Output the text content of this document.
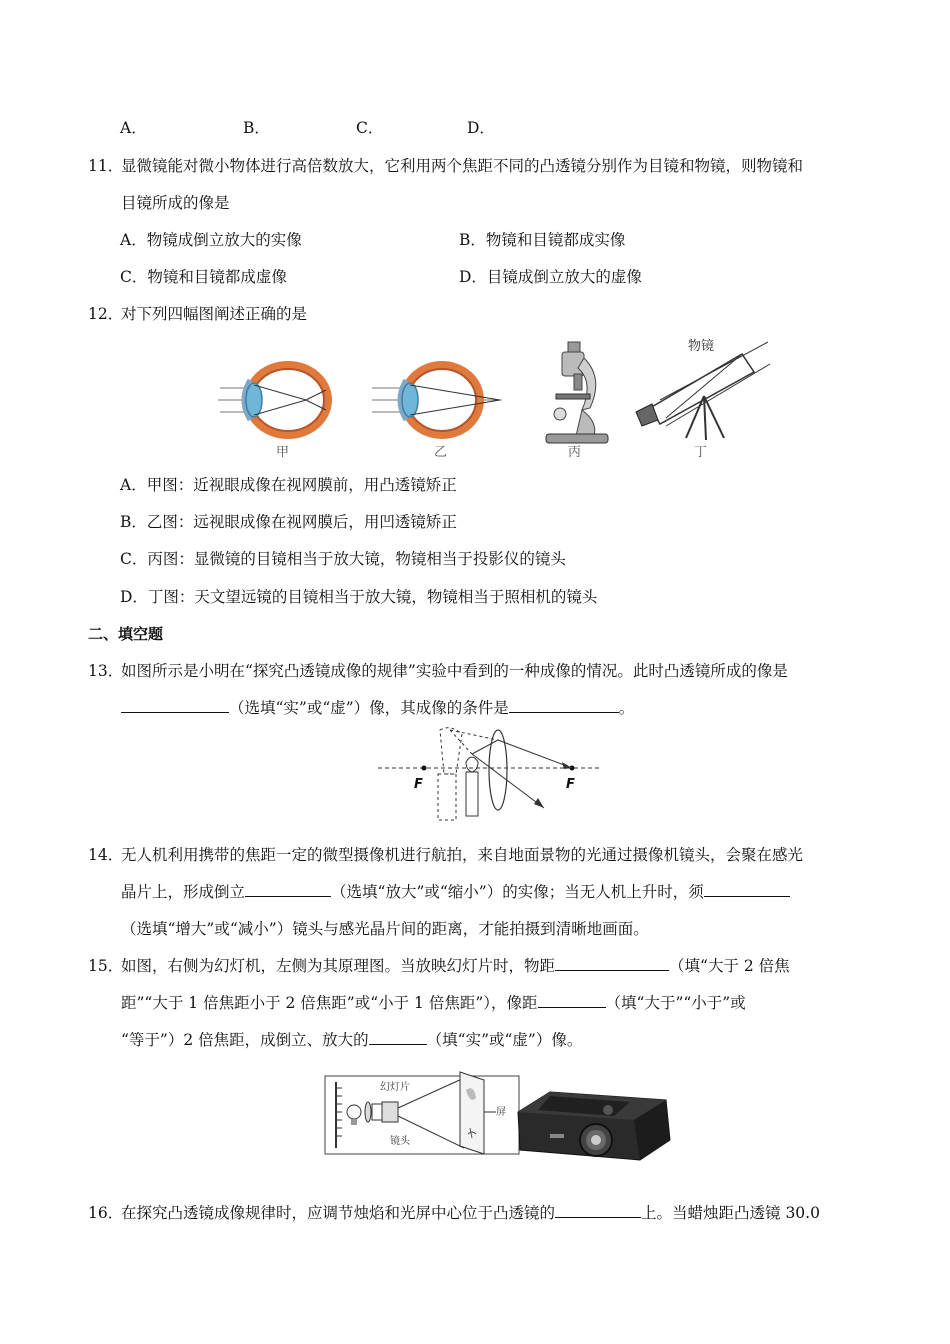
A．	B．	C．	D．
11．
显微镜能对微小物体进行高倍数放大，它利用两个焦距不同的凸透镜分别作为目镜和物镜，则物镜和
目镜所成的像是
A．物镜成倒立放大的实像	B．物镜和目镜都成实像
C．物镜和目镜都成虚像	D．目镜成倒立放大的虚像
12．
对下列四幅图阐述正确的是
甲	乙	丙
物镜
丁
A．甲图：近视眼成像在视网膜前，用凸透镜矫正
B．乙图：远视眼成像在视网膜后，用凹透镜矫正
C．丙图：显微镜的目镜相当于放大镜，物镜相当于投影仪的镜头
D．丁图：天文望远镜的目镜相当于放大镜，物镜相当于照相机的镜头
二、填空题
13．
如图所示是小明在“探究凸透镜成像的规律”实验中看到的一种成像的情况。此时凸透镜所成的像是
（选填“实”或“虚”）像，其成像的条件是	。
F	F
14．
无人机利用携带的焦距一定的微型摄像机进行航拍，来自地面景物的光通过摄像机镜头，会聚在感光
晶片上，形成倒立	（选填“放大”或“缩小”）的实像；当无人机上升时，须
（选填“增大”或“减小”）镜头与感光晶片间的距离，才能拍摄到清晰地画面。
15．
如图，右侧为幻灯机，左侧为其原理图。当放映幻灯片时，物距	（填“大于 2 倍焦
距”“大于 1 倍焦距小于 2 倍焦距”或“小于 1 倍焦距”），像距	（填“大于”“小于”或
“等于”）2 倍焦距，成倒立、放大的	（填“实”或“虚”）像。
幻灯片
镜头
屏
16．
在探究凸透镜成像规律时，应调节烛焰和光屏中心位于凸透镜的	上。当蜡烛距凸透镜 30.0
